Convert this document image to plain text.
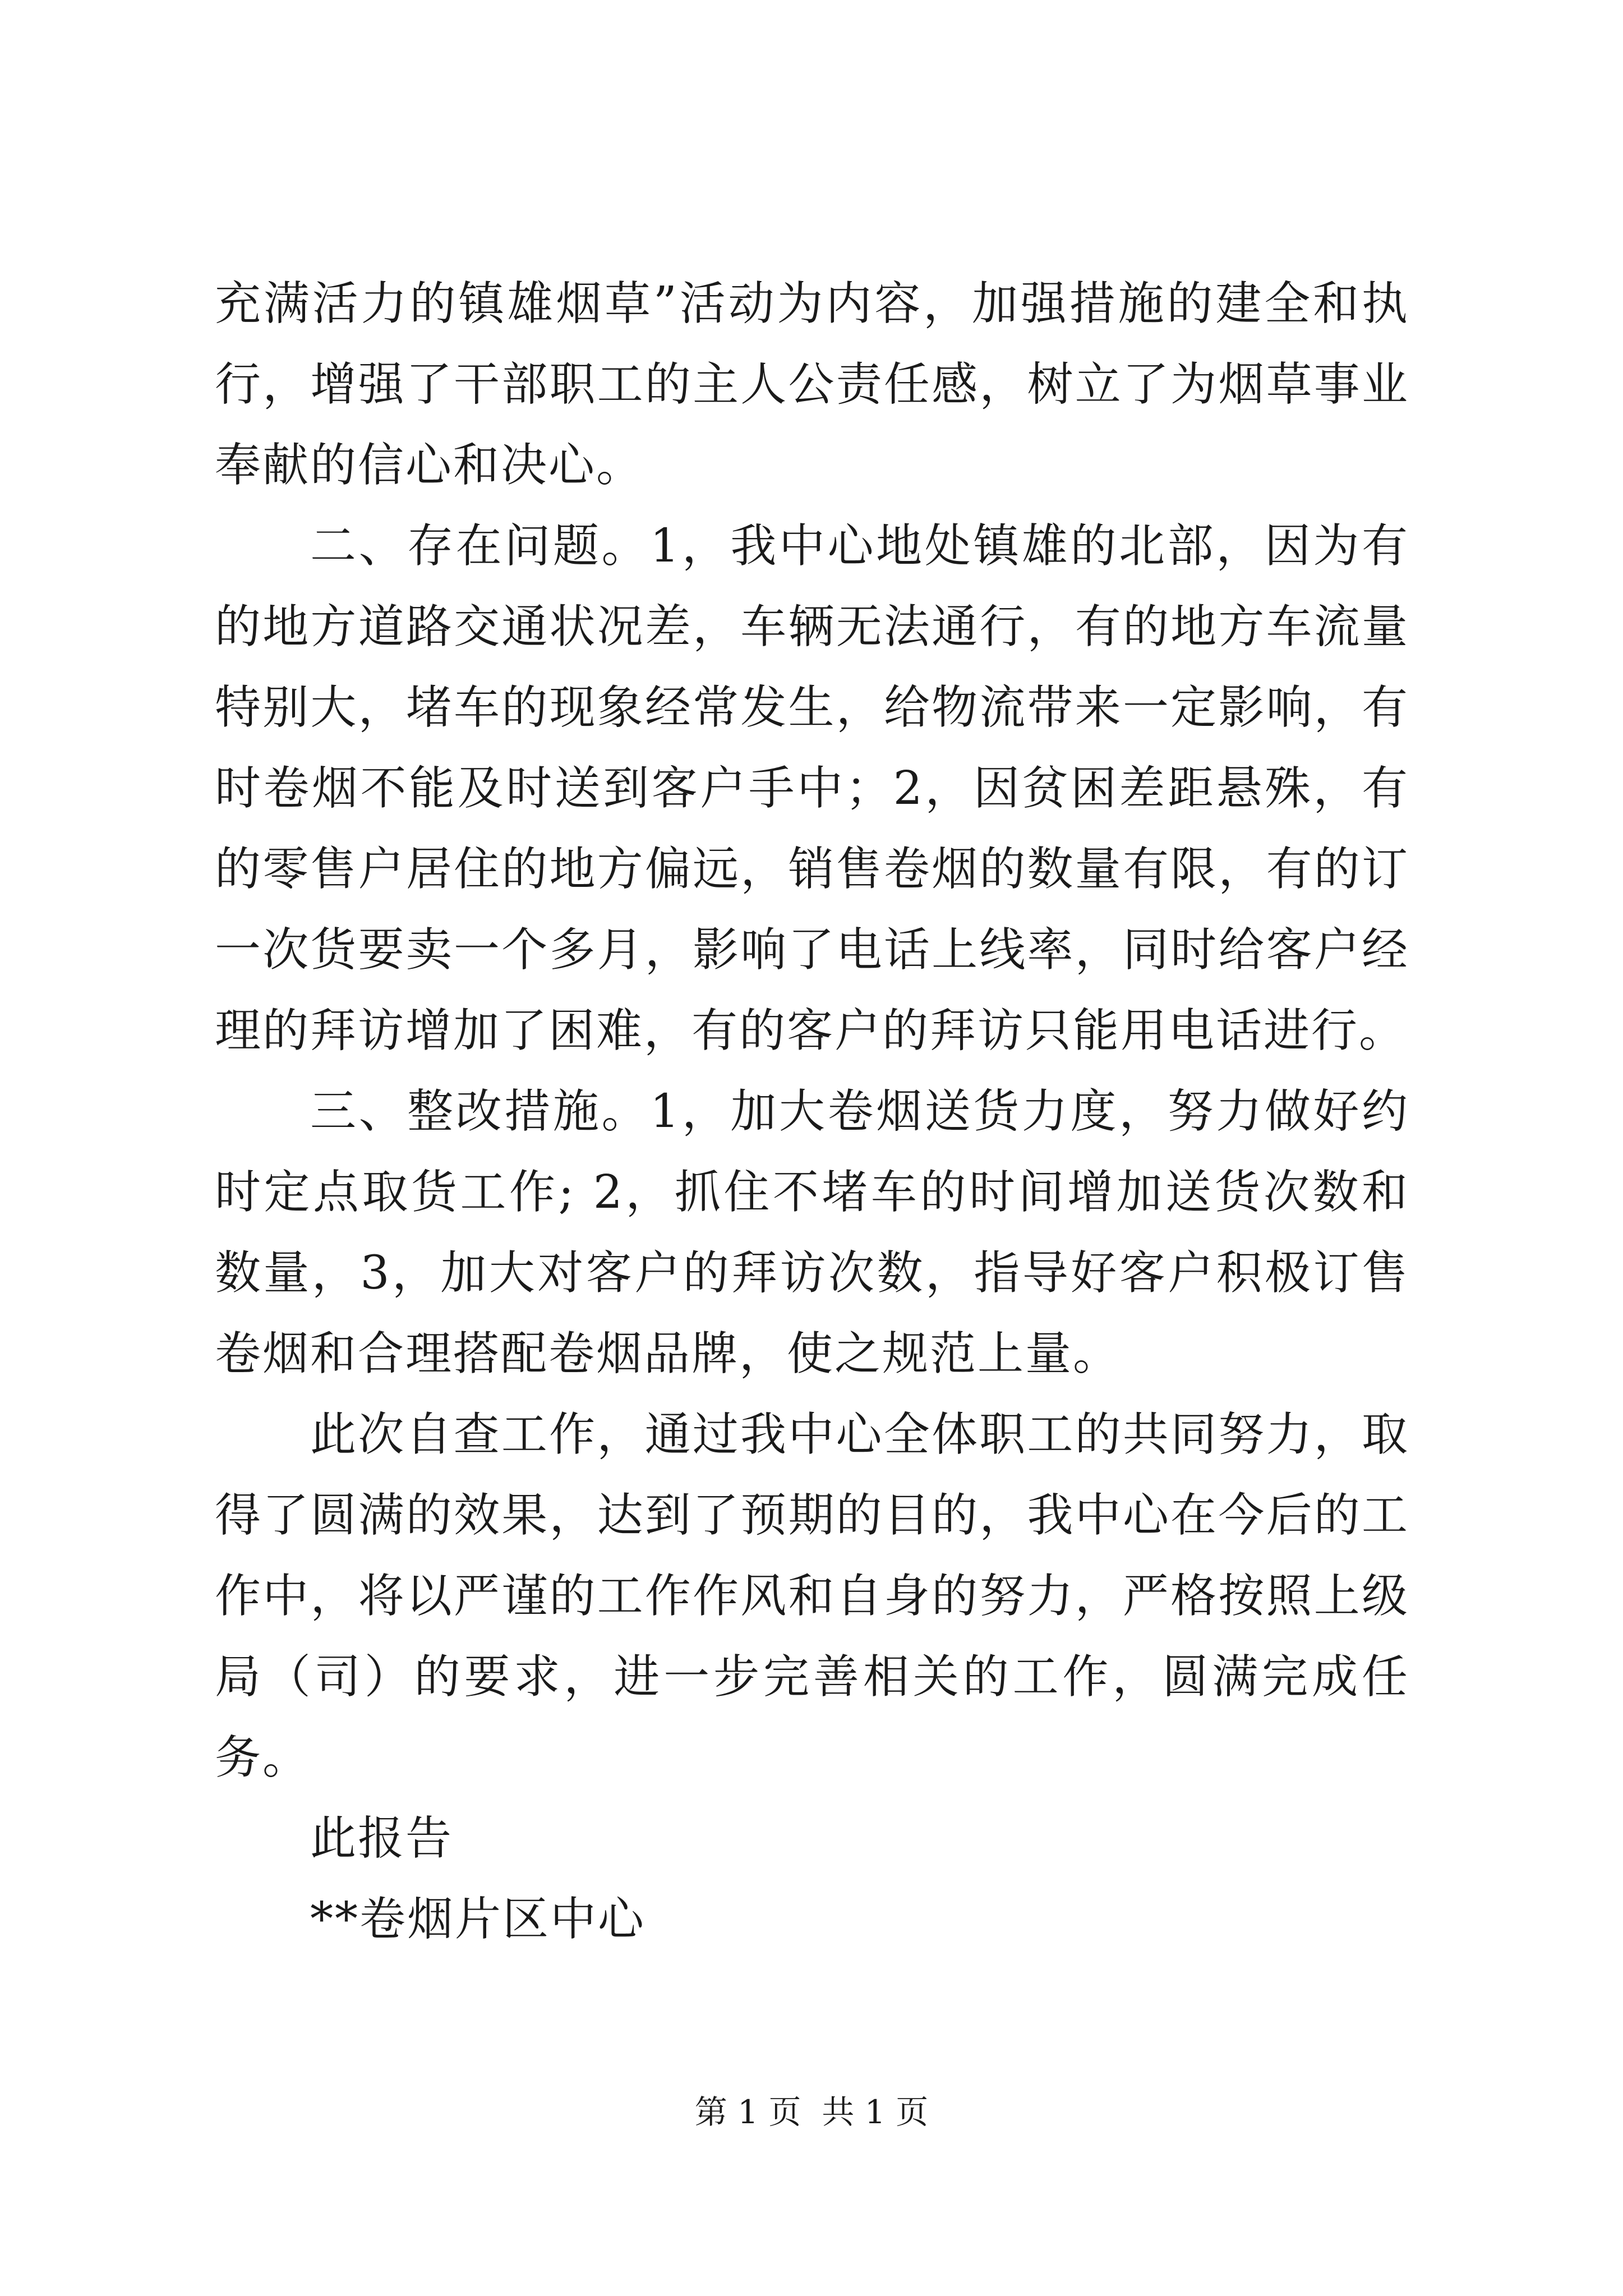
充满活力的镇雄烟草”活动为内容，加强措施的建全和执行，增强了干部职工的主人公责任感，树立了为烟草事业奉献的信心和决心。

二、存在问题。1，我中心地处镇雄的北部，因为有的地方道路交通状况差，车辆无法通行，有的地方车流量特别大，堵车的现象经常发生，给物流带来一定影响，有时卷烟不能及时送到客户手中；2，因贫困差距悬殊，有的零售户居住的地方偏远，销售卷烟的数量有限，有的订一次货要卖一个多月，影响了电话上线率，同时给客户经理的拜访增加了困难，有的客户的拜访只能用电话进行。

三、整改措施。1，加大卷烟送货力度，努力做好约时定点取货工作; 2，抓住不堵车的时间增加送货次数和数量，3，加大对客户的拜访次数，指导好客户积极订售卷烟和合理搭配卷烟品牌，使之规范上量。

此次自查工作，通过我中心全体职工的共同努力，取得了圆满的效果，达到了预期的目的，我中心在今后的工作中，将以严谨的工作作风和自身的努力，严格按照上级局（司）的要求，进一步完善相关的工作，圆满完成任务。

此报告

**卷烟片区中心

第 1 页  共 1 页
